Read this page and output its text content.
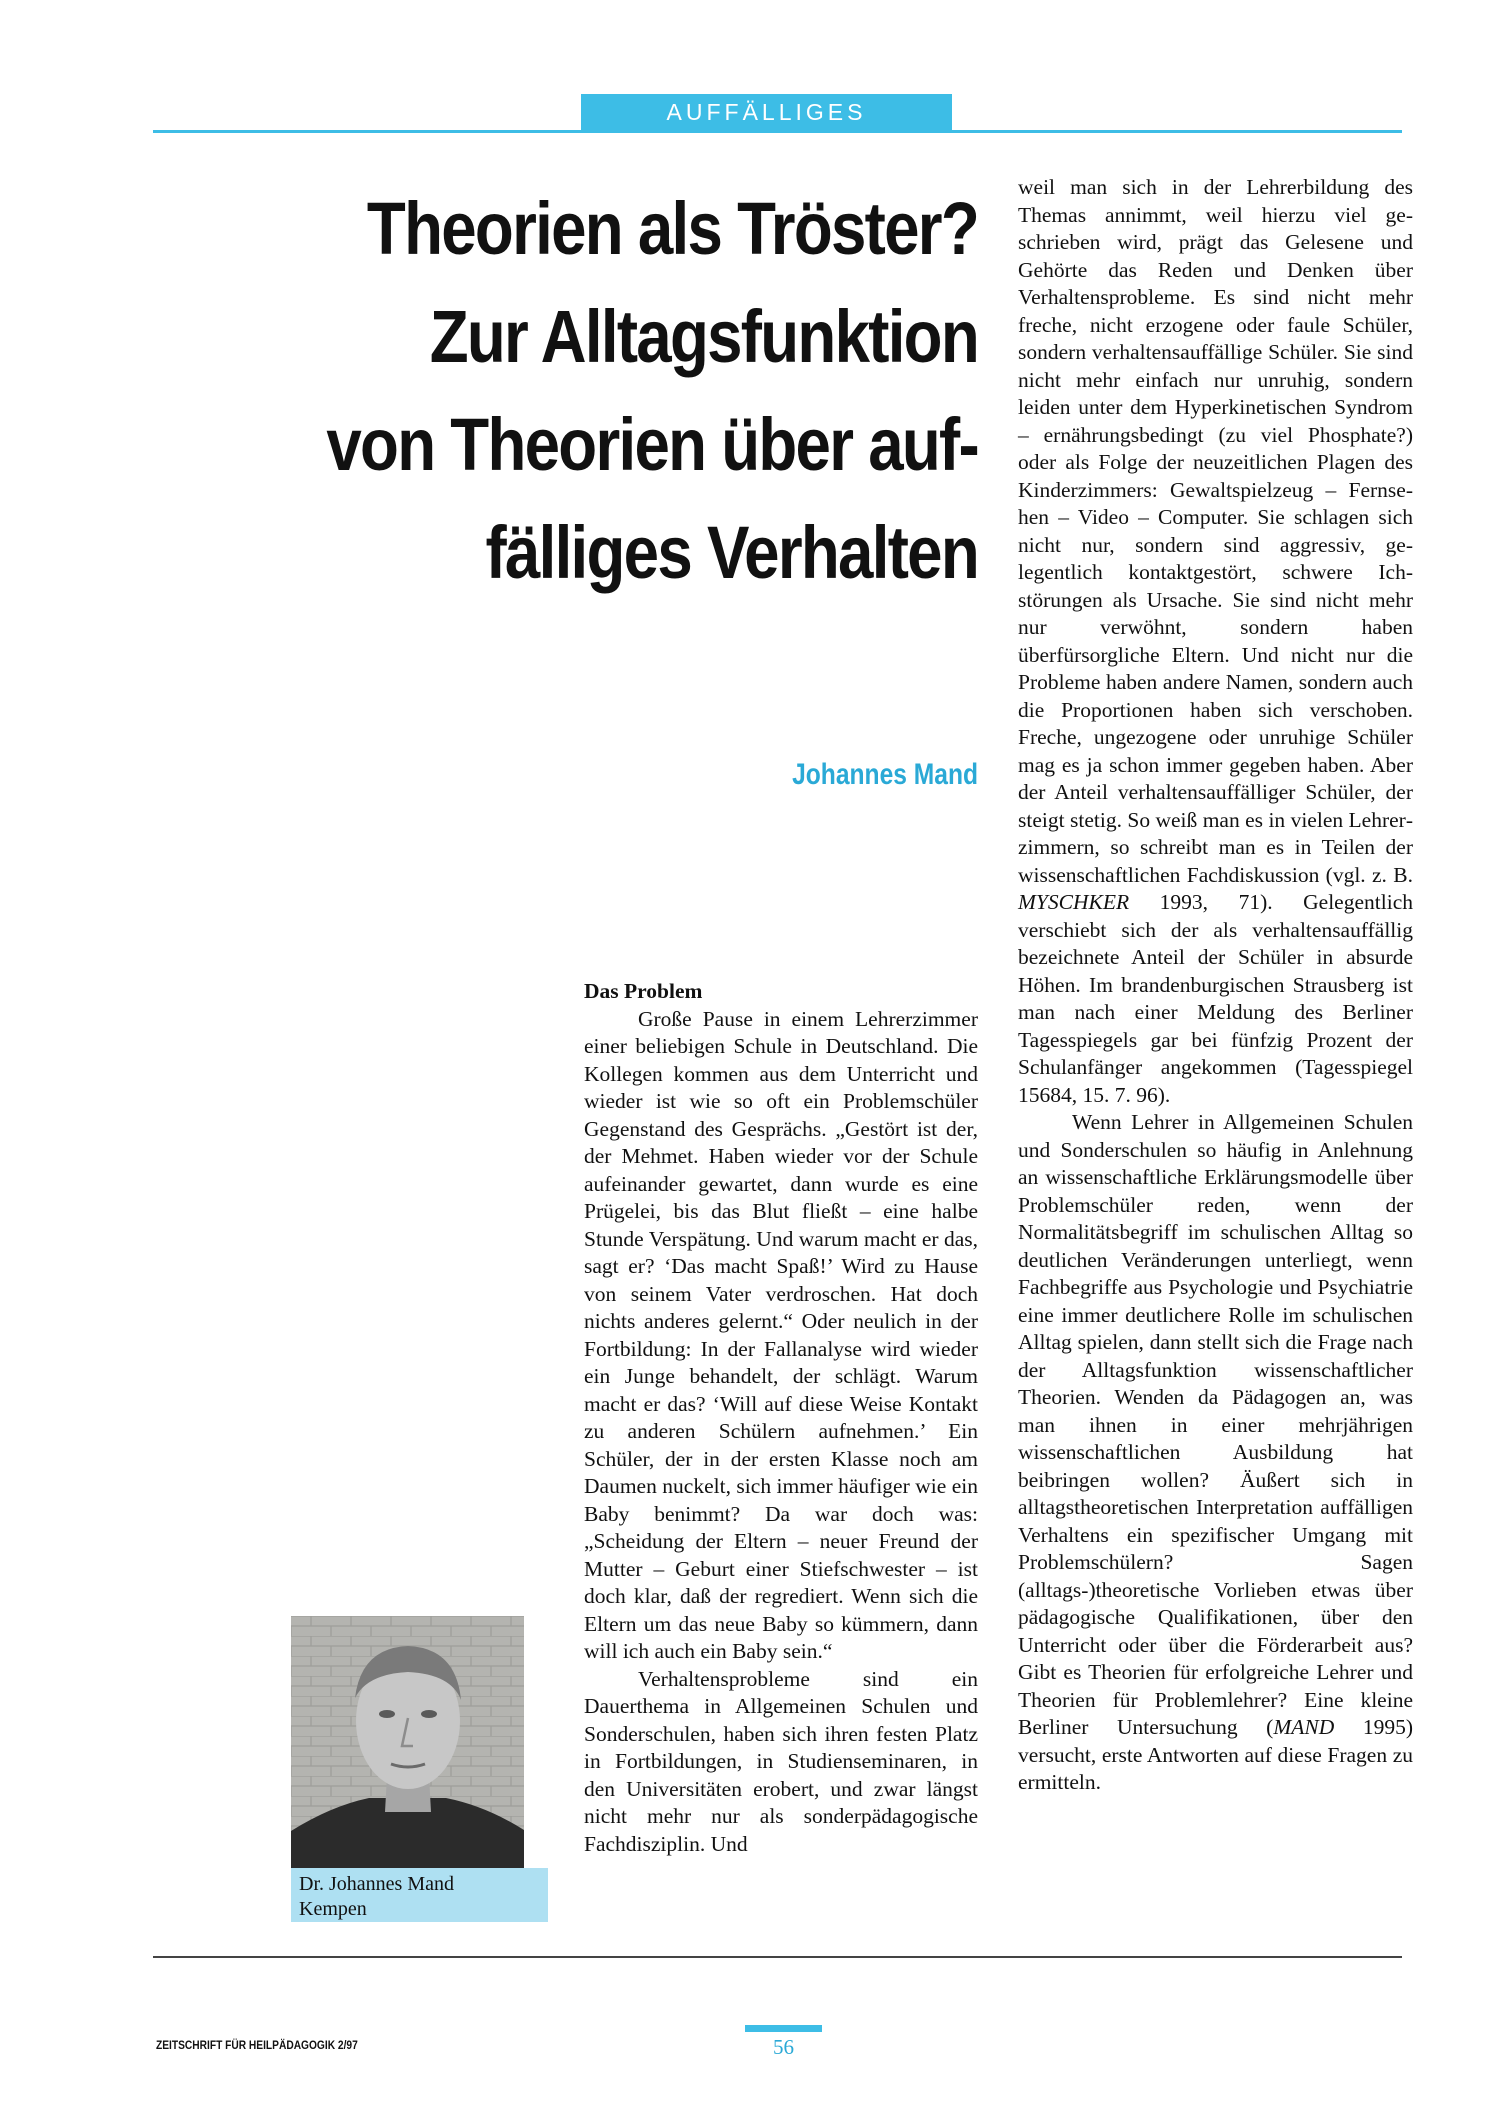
AUFFÄLLIGES VERHALTEN
Theorien als Tröster?
Zur Alltagsfunktion
von Theorien über auf-
fälliges Verhalten
Johannes Mand
Dr. Johannes Mand
Kempen
Das Problem

Große Pause in einem Lehrerzimmer einer beliebigen Schule in Deutschland. Die Kollegen kommen aus dem Unterricht und wieder ist wie so oft ein Problemschüler Gegenstand des Gesprächs. „Gestört ist der, der Mehmet. Haben wieder vor der Schule aufeinander gewartet, dann wurde es eine Prügelei, bis das Blut fließt – eine halbe Stunde Verspätung. Und warum macht er das, sagt er? ‘Das macht Spaß!’ Wird zu Hause von seinem Vater verdroschen. Hat doch nichts anderes gelernt.“ Oder neulich in der Fortbildung: In der Fallanalyse wird wieder ein Junge behandelt, der schlägt. Warum macht er das? ‘Will auf diese Weise Kontakt zu anderen Schülern aufnehmen.’ Ein Schüler, der in der ersten Klasse noch am Daumen nuckelt, sich immer häufiger wie ein Baby benimmt? Da war doch was: „Scheidung der Eltern – neuer Freund der Mutter – Geburt einer Stiefschwester – ist doch klar, daß der regrediert. Wenn sich die Eltern um das neue Baby so kümmern, dann will ich auch ein Baby sein.“

Verhaltensprobleme sind ein Dauerthema in Allgemeinen Schulen und Sonderschulen, haben sich ihren festen Platz in Fortbildungen, in Studienseminaren, in den Universitäten erobert, und zwar längst nicht mehr nur als sonderpädagogische Fachdisziplin. Und

weil man sich in der Lehrerbildung des Themas annimmt, weil hierzu viel geschrieben wird, prägt das Gelesene und Gehörte das Reden und Denken über Verhaltensprobleme. Es sind nicht mehr freche, nicht erzogene oder faule Schüler, sondern verhaltensauffällige Schüler. Sie sind nicht mehr einfach nur unruhig, sondern leiden unter dem Hyperkinetischen Syndrom – ernährungsbedingt (zu viel Phosphate?) oder als Folge der neuzeitlichen Plagen des Kinderzimmers: Gewaltspielzeug – Fernsehen – Video – Computer. Sie schlagen sich nicht nur, sondern sind aggressiv, gelegentlich kontaktgestört, schwere Ichstörungen als Ursache. Sie sind nicht mehr nur verwöhnt, sondern haben überfürsorgliche Eltern. Und nicht nur die Probleme haben andere Namen, sondern auch die Proportionen haben sich verschoben. Freche, ungezogene oder unruhige Schüler mag es ja schon immer gegeben haben. Aber der Anteil verhaltensauffälliger Schüler, der steigt stetig. So weiß man es in vielen Lehrerzimmern, so schreibt man es in Teilen der wissenschaftlichen Fachdiskussion (vgl. z. B. MYSCHKER 1993, 71). Gelegentlich verschiebt sich der als verhaltensauffällig bezeichnete Anteil der Schüler in absurde Höhen. Im brandenburgischen Strausberg ist man nach einer Meldung des Berliner Tagesspiegels gar bei fünfzig Prozent der Schulanfänger angekommen (Tagesspiegel 15684, 15. 7. 96).

Wenn Lehrer in Allgemeinen Schulen und Sonderschulen so häufig in Anlehnung an wissenschaftliche Erklärungsmodelle über Problemschüler reden, wenn der Normalitätsbegriff im schulischen Alltag so deutlichen Veränderungen unterliegt, wenn Fachbegriffe aus Psychologie und Psychiatrie eine immer deutlichere Rolle im schulischen Alltag spielen, dann stellt sich die Frage nach der Alltagsfunktion wissenschaftlicher Theorien. Wenden da Pädagogen an, was man ihnen in einer mehrjährigen wissenschaftlichen Ausbildung hat beibringen wollen? Äußert sich in alltagstheoretischen Interpretation auffälligen Verhaltens ein spezifischer Umgang mit Problemschülern? Sagen (alltags-)theoretische Vorlieben etwas über pädagogische Qualifikationen, über den Unterricht oder über die Förderarbeit aus? Gibt es Theorien für erfolgreiche Lehrer und Theorien für Problemlehrer? Eine kleine Berliner Untersuchung (MAND 1995) versucht, erste Antworten auf diese Fragen zu ermitteln.

ZEITSCHRIFT FÜR HEILPÄDAGOGIK 2/97	56
